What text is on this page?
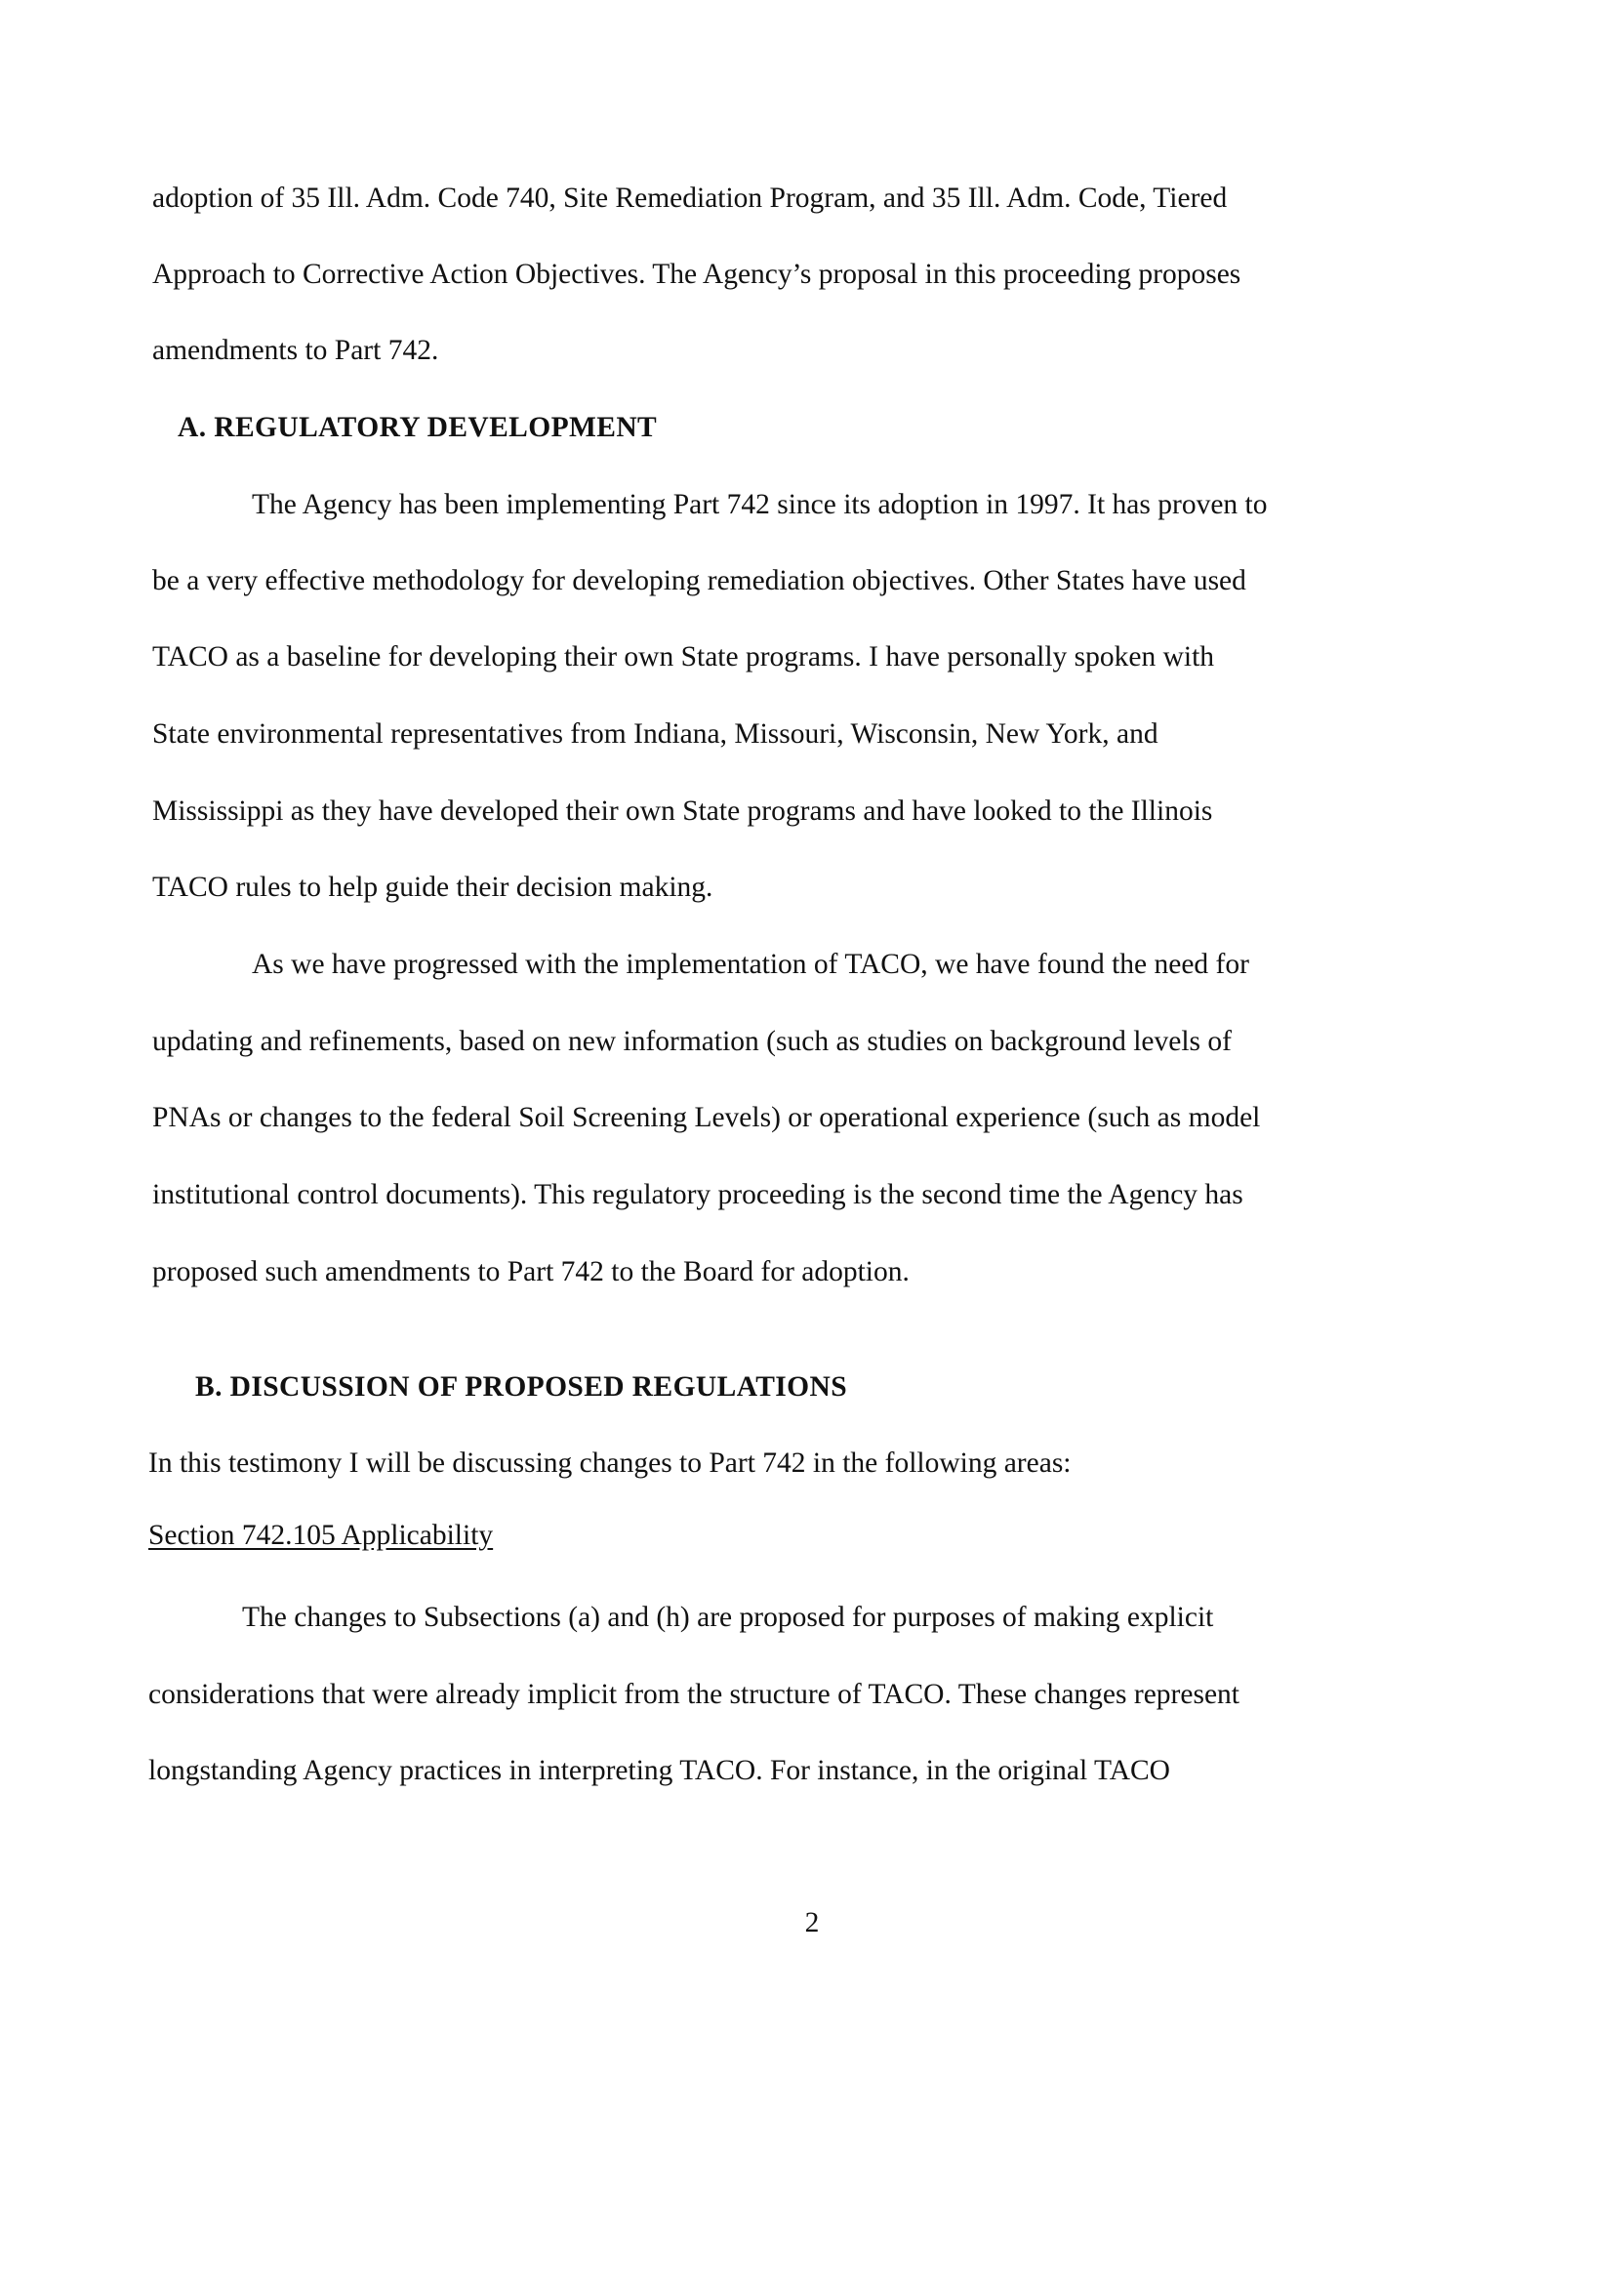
adoption of 35 Ill. Adm. Code 740, Site Remediation Program, and 35 Ill. Adm. Code, Tiered

Approach to Corrective Action Objectives. The Agency’s proposal in this proceeding proposes

amendments to Part 742.

A. REGULATORY DEVELOPMENT

The Agency has been implementing Part 742 since its adoption in 1997. It has proven to

be a very effective methodology for developing remediation objectives. Other States have used

TACO as a baseline for developing their own State programs. I have personally spoken with

State environmental representatives from Indiana, Missouri, Wisconsin, New York, and

Mississippi as they have developed their own State programs and have looked to the Illinois

TACO rules to help guide their decision making.

As we have progressed with the implementation of TACO, we have found the need for

updating and refinements, based on new information (such as studies on background levels of

PNAs or changes to the federal Soil Screening Levels) or operational experience (such as model

institutional control documents). This regulatory proceeding is the second time the Agency has

proposed such amendments to Part 742 to the Board for adoption.

B. DISCUSSION OF PROPOSED REGULATIONS

In this testimony I will be discussing changes to Part 742 in the following areas:

Section 742.105 Applicability

The changes to Subsections (a) and (h) are proposed for purposes of making explicit

considerations that were already implicit from the structure of TACO. These changes represent

longstanding Agency practices in interpreting TACO. For instance, in the original TACO

2
